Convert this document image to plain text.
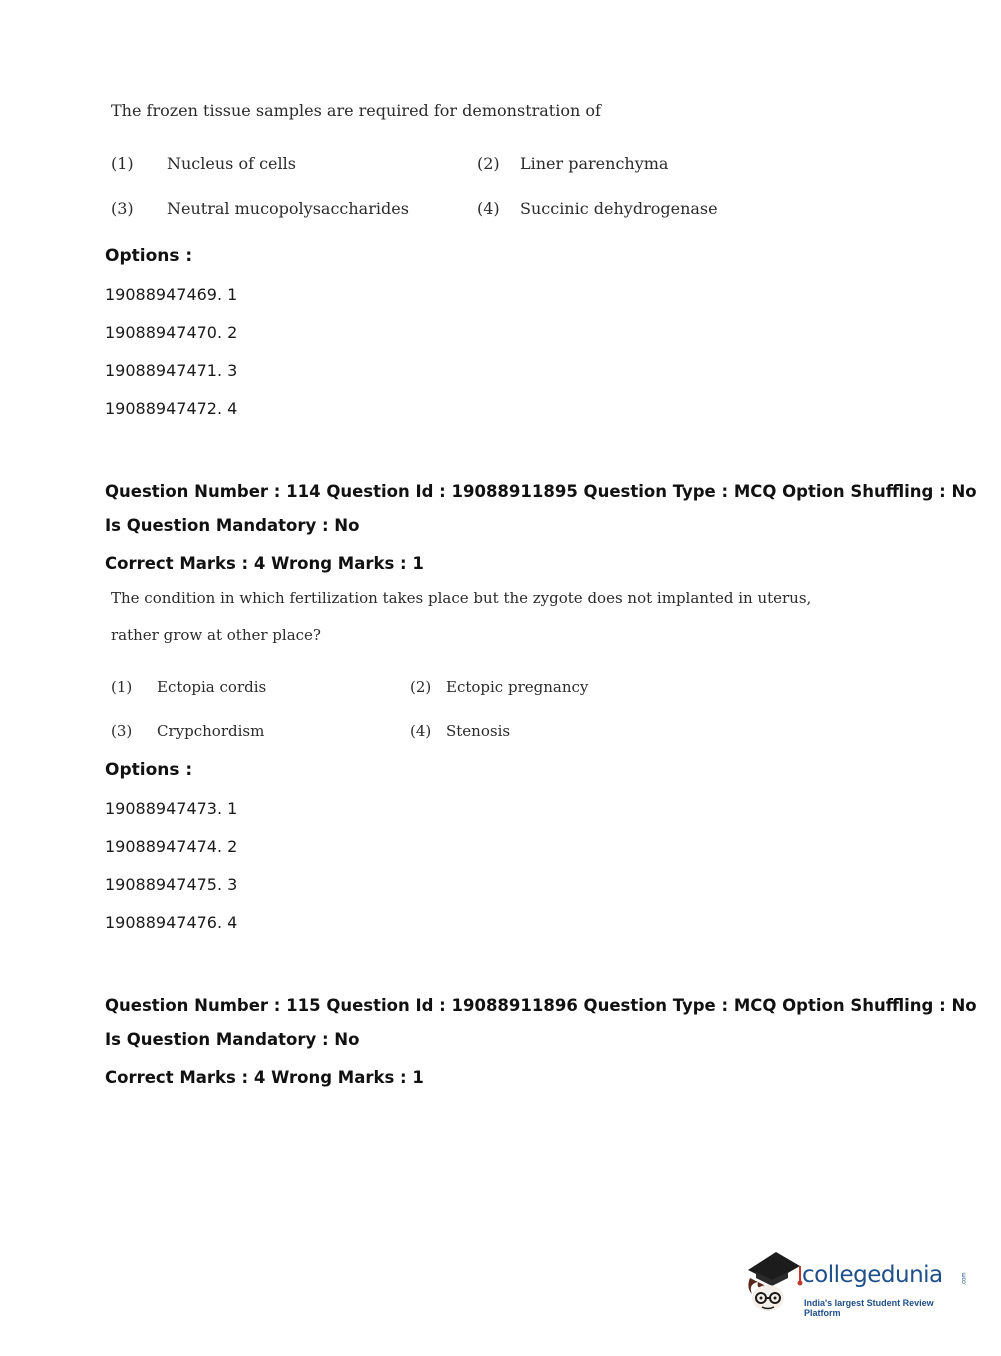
The frozen tissue samples are required for demonstration of
(1) Nucleus of cells	(2) Liner parenchyma
(3) Neutral mucopolysaccharides	(4) Succinic dehydrogenase
Options :
19088947469. 1
19088947470. 2
19088947471. 3
19088947472. 4
Question Number : 114 Question Id : 19088911895 Question Type : MCQ Option Shuffling : No
Is Question Mandatory : No
Correct Marks : 4 Wrong Marks : 1
The condition in which fertilization takes place but the zygote does not implanted in uterus,
rather grow at other place?
(1) Ectopia cordis	(2) Ectopic pregnancy
(3) Crypchordism	(4) Stenosis
Options :
19088947473. 1
19088947474. 2
19088947475. 3
19088947476. 4
Question Number : 115 Question Id : 19088911896 Question Type : MCQ Option Shuffling : No
Is Question Mandatory : No
Correct Marks : 4 Wrong Marks : 1
collegedunia	.com
India's largest Student Review Platform
